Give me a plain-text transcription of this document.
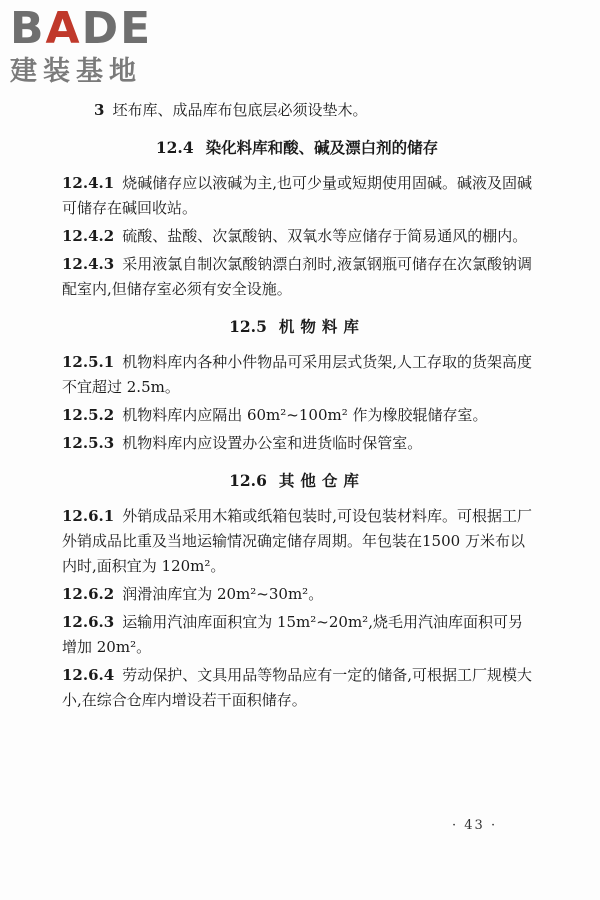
BADE
建装基地

3 坯布库、成品库布包底层必须设垫木。

12.4 染化料库和酸、碱及漂白剂的储存

12.4.1 烧碱储存应以液碱为主,也可少量或短期使用固碱。碱液及固碱可储存在碱回收站。

12.4.2 硫酸、盐酸、次氯酸钠、双氧水等应储存于简易通风的棚内。

12.4.3 采用液氯自制次氯酸钠漂白剂时,液氯钢瓶可储存在次氯酸钠调配室内,但储存室必须有安全设施。

12.5 机物料库

12.5.1 机物料库内各种小件物品可采用层式货架,人工存取的货架高度不宜超过 2.5m。

12.5.2 机物料库内应隔出 60m²~100m² 作为橡胶辊储存室。

12.5.3 机物料库内应设置办公室和进货临时保管室。

12.6 其他仓库

12.6.1 外销成品采用木箱或纸箱包装时,可设包装材料库。可根据工厂外销成品比重及当地运输情况确定储存周期。年包装在1500 万米布以内时,面积宜为 120m²。

12.6.2 润滑油库宜为 20m²~30m²。

12.6.3 运输用汽油库面积宜为 15m²~20m²,烧毛用汽油库面积可另增加 20m²。

12.6.4 劳动保护、文具用品等物品应有一定的储备,可根据工厂规模大小,在综合仓库内增设若干面积储存。

· 43 ·
